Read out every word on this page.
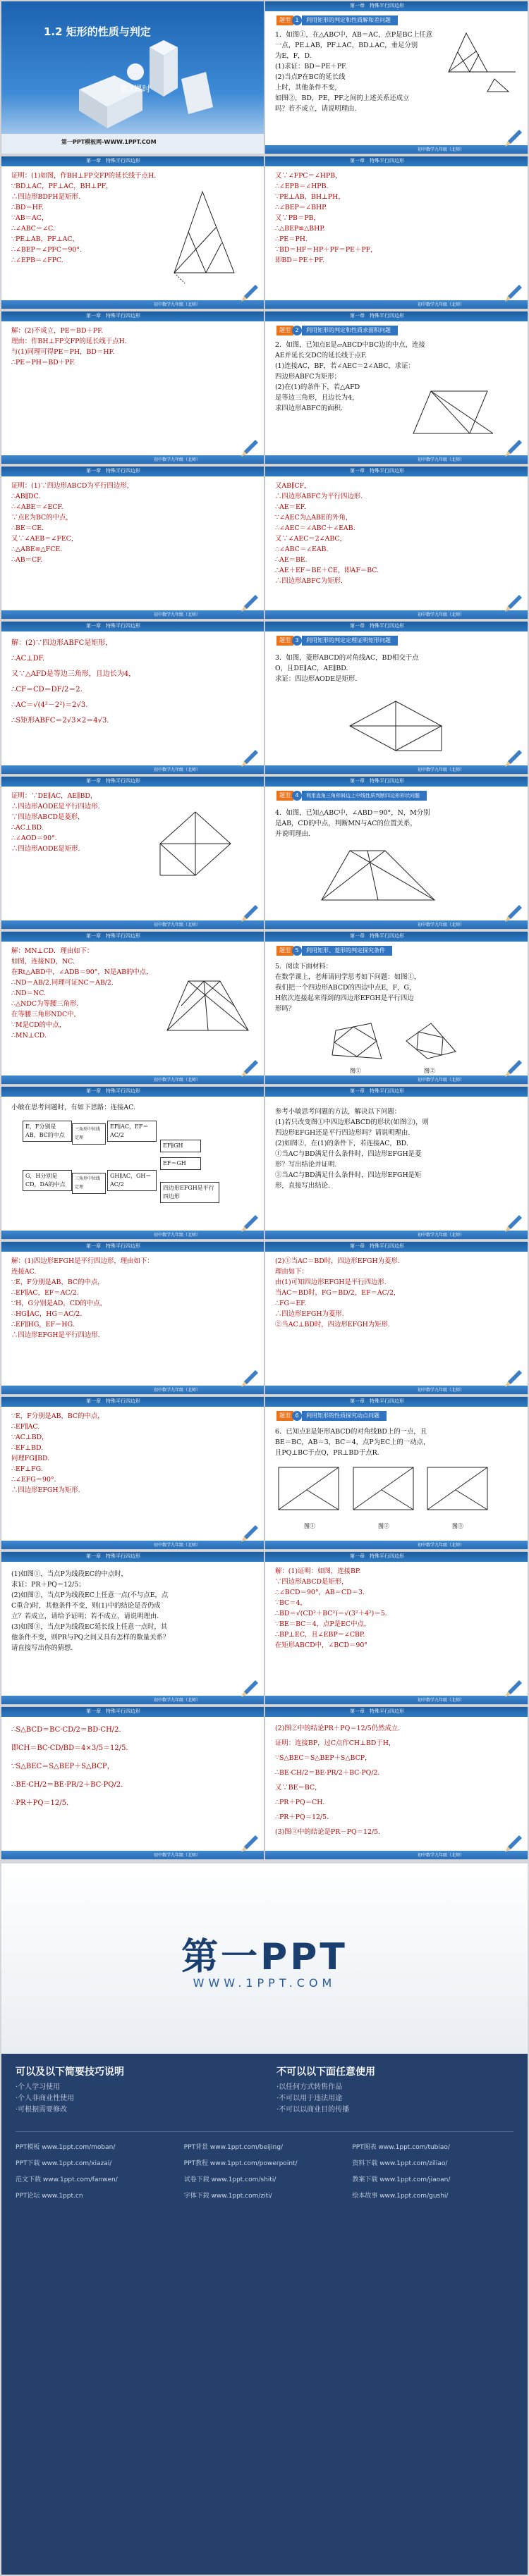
1.2 矩形的性质与判定
第3课时
第一PPT模板网-WWW.1PPT.COM
第一章　特殊平行四边形
题型 1	利用矩形的判定和性质解和差问题
1．如图①，在△ABC中，AB＝AC，点P是BC上任意
一点，PE⊥AB，PF⊥AC，BD⊥AC，垂足分别
为E，F，D.
(1)求证：BD＝PE＋PF.
(2)当点P在BC的延长线
上时，其他条件不变，
如图②，BD，PE，PF之间的上述关系还成立
吗？若不成立，请说明理由.
初中数学九年级（北师）
第一章　特殊平行四边形
证明：(1)如图，作BH⊥FP交FP的延长线于点H.
∵BD⊥AC，PF⊥AC，BH⊥PF，
∴四边形BDFH是矩形.
∴BD＝HF.
∵AB＝AC，
∴∠ABC＝∠C.
∵PE⊥AB，PF⊥AC，
∴∠BEP＝∠PFC＝90°.
∴∠EPB＝∠FPC.
初中数学九年级（北师）
第一章　特殊平行四边形
又∵∠FPC＝∠HPB，
∴∠EPB＝∠HPB.
∵PE⊥AB，BH⊥PH，
∴∠BEP＝∠BHP.
又∵PB＝PB，
∴△BEP≌△BHP.
∴PE＝PH.
∵BD＝HF＝HP＋PF＝PE＋PF，
即BD＝PE＋PF.
初中数学九年级（北师）
第一章　特殊平行四边形
解：(2)不成立，PE＝BD＋PF.
理由：作BH⊥FP交FP的延长线于点H.
与(1)同理可得PE＝PH，BD＝HF.
∴PE＝PH＝BD＋PF.
初中数学九年级（北师）
第一章　特殊平行四边形
题型 2	利用矩形的判定和性质求面积问题
2．如图，已知点E是▱ABCD中BC边的中点，连接
AE并延长交DC的延长线于点F.
(1)连接AC，BF，若∠AEC＝2∠ABC，求证：
四边形ABFC为矩形；
(2)在(1)的条件下，若△AFD
是等边三角形，且边长为4，
求四边形ABFC的面积.
初中数学九年级（北师）
第一章　特殊平行四边形
证明：(1)∵四边形ABCD为平行四边形，
∴AB∥DC.
∴∠ABE＝∠ECF.
∵点E为BC的中点，
∴BE＝CE.
又∵∠AEB＝∠FEC，
∴△ABE≌△FCE.
∴AB＝CF.
初中数学九年级（北师）
第一章　特殊平行四边形
又AB∥CF，
∴四边形ABFC为平行四边形.
∴AE＝EF.
∵∠AEC为△ABE的外角，
∴∠AEC＝∠ABC＋∠EAB.
又∵∠AEC＝2∠ABC，
∴∠ABC＝∠EAB.
∴AE＝BE.
∴AE＋EF＝BE＋CE，即AF＝BC.
∴四边形ABFC为矩形.
初中数学九年级（北师）
第一章　特殊平行四边形
解：(2)∵四边形ABFC是矩形，
∴AC⊥DF.
又∵△AFD是等边三角形，且边长为4，
∴CF＝CD＝DF/2＝2.
∴AC＝√(4²－2²)＝2√3.
∴S矩形ABFC＝2√3×2＝4√3.
初中数学九年级（北师）
第一章　特殊平行四边形
题型 3	利用矩形的判定定理证明矩形问题
3．如图，菱形ABCD的对角线AC，BD相交于点
O，且DE∥AC，AE∥BD.
求证：四边形AODE是矩形.
初中数学九年级（北师）
第一章　特殊平行四边形
证明：∵DE∥AC，AE∥BD，
∴四边形AODE是平行四边形.
∵四边形ABCD是菱形，
∴AC⊥BD.
∴∠AOD＝90°.
∴四边形AODE是矩形.
初中数学九年级（北师）
第一章　特殊平行四边形
题型 4	利用直角三角形斜边上中线性质判断四边形形状问题
4．如图，已知△ABC中，∠ABD＝90°，N，M分别
是AB，CD的中点，判断MN与AC的位置关系，
并说明理由.
初中数学九年级（北师）
第一章　特殊平行四边形
解：MN⊥CD．理由如下：
如图，连接ND，NC.
在Rt△ABD中，∠ADB＝90°，N是AB的中点，
∴ND＝AB/2.同理可证NC＝AB/2.
∴ND＝NC.
∴△NDC为等腰三角形.
在等腰三角形NDC中，
∵M是CD的中点，
∴MN⊥CD.
初中数学九年级（北师）
第一章　特殊平行四边形
题型 5	利用矩形、菱形的判定探究条件
5．阅读下面材料：
在数学课上，老师请同学思考如下问题：如图①，
我们把一个四边形ABCD的四边中点E，F，G，
H依次连接起来得到的四边形EFGH是平行四边
形吗？
图①	图②
初中数学九年级（北师）
第一章　特殊平行四边形
小敏在思考问题时，有如下思路：连接AC.
E，F分别是AB，BC的中点
三角形中位线定理
EF∥AC，EF＝AC/2
G，H分别是CD，DA的中点
三角形中位线定理
GH∥AC，GH＝AC/2
EF∥GH
EF＝GH
四边形EFGH是平行四边形
初中数学九年级（北师）
第一章　特殊平行四边形
参考小敏思考问题的方法，解决以下问题：
(1)若只改变图①中四边形ABCD的形状(如图②)，则
四边形EFGH还是平行四边形吗？请说明理由.
(2)如图②，在(1)的条件下，若连接AC，BD.
①当AC与BD满足什么条件时，四边形EFGH是菱
形？写出结论并证明.
②当AC与BD满足什么条件时，四边形EFGH是矩
形，直接写出结论.
初中数学九年级（北师）
第一章　特殊平行四边形
解：(1)四边形EFGH是平行四边形，理由如下：
连接AC.
∵E，F分别是AB，BC的中点，
∴EF∥AC，EF＝AC/2.
∵H，G分别是AD，CD的中点，
∴HG∥AC，HG＝AC/2.
∴EF∥HG，EF＝HG.
∴四边形EFGH是平行四边形.
初中数学九年级（北师）
第一章　特殊平行四边形
(2)①当AC＝BD时，四边形EFGH为菱形.
理由如下：
由(1)可知四边形EFGH是平行四边形.
当AC＝BD时，FG＝BD/2，EF＝AC/2，
∴FG＝EF.
∴四边形EFGH为菱形.
②当AC⊥BD时，四边形EFGH为矩形.
初中数学九年级（北师）
第一章　特殊平行四边形
∵E，F分别是AB，BC的中点，
∴EF∥AC.
∵AC⊥BD，
∴EF⊥BD.
同理FG∥BD.
∴EF⊥FG.
∴∠EFG＝90°.
∴四边形EFGH为矩形.
初中数学九年级（北师）
第一章　特殊平行四边形
题型 6	利用矩形的性质探究动点问题
6．已知点E是矩形ABCD的对角线BD上的一点，且
BE＝BC，AB＝3，BC＝4，点P为EC上的一动点，
且PQ⊥BC于点Q，PR⊥BD于点R.
图①	图②	图③
初中数学九年级（北师）
第一章　特殊平行四边形
(1)如图①，当点P为线段EC的中点时，
求证：PR＋PQ＝12/5；
(2)如图②，当点P为线段EC上任意一点(不与点E，点
C重合)时，其他条件不变，则(1)中的结论是否仍成
立？若成立，请给予证明；若不成立，请说明理由.
(3)如图③，当点P为线段EC延长线上任意一点时，其
他条件不变，则PR与PQ之间又具有怎样的数量关系？
请直接写出你的猜想.
初中数学九年级（北师）
第一章　特殊平行四边形
解：(1)证明：如图，连接BP.
∵四边形ABCD是矩形，
∴∠BCD＝90°，AB＝CD＝3.
∵BC＝4，
∴BD＝√(CD²＋BC²)＝√(3²＋4²)＝5.
∵BE＝BC＝4，点P是EC中点，
∴BP⊥EC，且∠EBP＝∠CBP.
在矩形ABCD中，∠BCD＝90°
初中数学九年级（北师）
第一章　特殊平行四边形
∴S△BCD＝BC·CD/2＝BD·CH/2.
即CH＝BC·CD/BD＝4×3/5＝12/5.
∵S△BEC＝S△BEP＋S△BCP，
∴BE·CH/2＝BE·PR/2＋BC·PQ/2.
∴PR＋PQ＝12/5.
初中数学九年级（北师）
第一章　特殊平行四边形
(2)图②中的结论PR＋PQ＝12/5仍然成立.
证明：连接BP，过C点作CH⊥BD于H，
∵S△BEC＝S△BEP＋S△BCP，
∴BE·CH/2＝BE·PR/2＋BC·PQ/2.
又∵BE＝BC，
∴PR＋PQ＝CH.
∴PR＋PQ＝12/5.
(3)图③中的结论是PR－PQ＝12/5.
初中数学九年级（北师）
第一PPT
WWW.1PPT.COM
可以及以下简要技巧说明
·个人学习使用
·个人非商业性使用
·可根据需要修改
不可以以下面任意使用
·以任何方式转售作品
·不可以用于违法用途
·不可以以商业目的传播
PPT模板 www.1ppt.com/moban/	PPT背景 www.1ppt.com/beijing/	PPT图表 www.1ppt.com/tubiao/
PPT下载 www.1ppt.com/xiazai/	PPT教程 www.1ppt.com/powerpoint/	资料下载 www.1ppt.com/ziliao/
范文下载 www.1ppt.com/fanwen/	试卷下载 www.1ppt.com/shiti/	教案下载 www.1ppt.com/jiaoan/
PPT论坛 www.1ppt.cn	字体下载 www.1ppt.com/ziti/	绘本故事 www.1ppt.com/gushi/
